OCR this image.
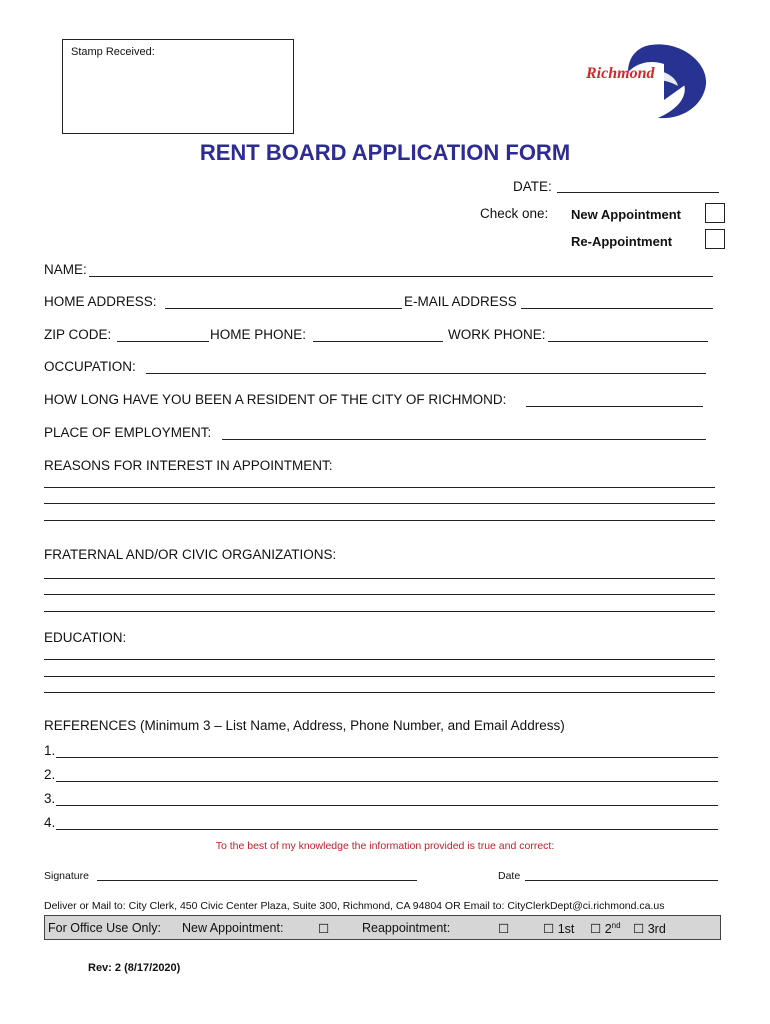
Stamp Received:
Richmond
RENT BOARD APPLICATION FORM
DATE:
Check one: New Appointment
Re-Appointment
NAME:
HOME ADDRESS:	E-MAIL ADDRESS
ZIP CODE:	HOME PHONE:	WORK PHONE:
OCCUPATION:
HOW LONG HAVE YOU BEEN A RESIDENT OF THE CITY OF RICHMOND:
PLACE OF EMPLOYMENT:
REASONS FOR INTEREST IN APPOINTMENT:
FRATERNAL AND/OR CIVIC ORGANIZATIONS:
EDUCATION:
REFERENCES (Minimum 3 – List Name, Address, Phone Number, and Email Address)
1.
2.
3.
4.
To the best of my knowledge the information provided is true and correct:
Signature	Date
Deliver or Mail to: City Clerk, 450 Civic Center Plaza, Suite 300, Richmond, CA 94804 OR Email to: CityClerkDept@ci.richmond.ca.us
For Office Use Only: New Appointment:	☐	Reappointment:	☐	☐ 1st ☐ 2nd ☐ 3rd
Rev: 2 (8/17/2020)
